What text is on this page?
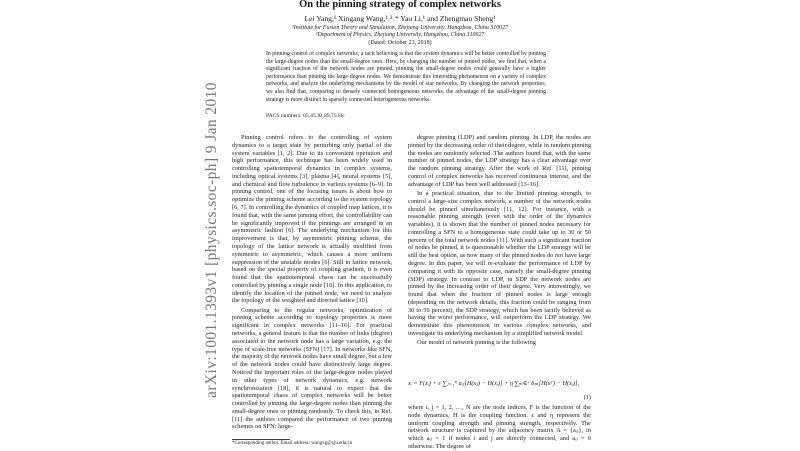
On the pinning strategy of complex networks
Lei Yang,¹ Xingang Wang,¹˒²˒* Yao Li,¹ and Zhengmao Sheng¹
¹Institute for Fusion Theory and Simulation, Zhejiang University, Hangzhou, China 310027
²Department of Physics, Zhejiang University, Hangzhou, China 310027
(Dated: October 23, 2018)
In pinning control of complex networks, a tacit believing is that the system dynamics will be better controlled by pinning the large-degree nodes than the small-degree ones. Here, by changing the number of pinned nodes, we find that, when a significant fraction of the network nodes are pinned, pinning the small-degree nodes could generally have a higher performance than pinning the large-degree nodes. We demonstrate this interesting phenomenon on a variety of complex networks, and analyze the underlying mechanisms by the model of star networks. By changing the network properties, we also find that, comparing to densely connected homogeneous networks, the advantage of the small-degree pinning strategy is more distinct in sparsely connected heterogeneous networks.
PACS numbers: 05.45.Xt,89.75.Hc
arXiv:1001.1393v1 [physics.soc-ph] 9 Jan 2010	Pinning control refers to the controlling of system dynamics to a target state by perturbing only partial of the system variables [1, 2]. Due to its convenient operation and high performance, this technique has been widely used in controlling spatiotemporal dynamics in complex systems, including optical systems [3], plasma [4], neural systems [5], and chemical and flow turbulence in various systems [6–9]. In pinning control, one of the focusing issues is about how to optimize the pinning scheme according to the system topology [6, 7]. In controlling the dynamics of coupled map lattices, it is found that, with the same pinning effort, the controllability can be significantly improved if the pinnings are arranged in an asymmetric fashion [6]. The underlying mechanism for this improvement is that, by asymmetric pinning scheme, the topology of the lattice network is actually modified from symmetric to asymmetric, which causes a more uniform suppression of the unstable modes [6]. Still in lattice network, based on the special property of coupling gradient, it is even found that the spatiotemporal chaos can be successfully controlled by pinning a single node [10]. In this application, to identify the location of the pinned node, we need to analyze the topology of the weighted and directed lattice [10].

Comparing to the regular networks, optimization of pinning scheme according to topology properties is more significant in complex networks [11–16]. For practical networks, a general feature is that the number of links (degree) associated to the network node has a large variation, e.g. the type of scale-free networks (SFN) [17]. In networks like SFN, the majority of the network nodes have small degree, but a few of the network nodes could have distinctively large degree. Noticed the important roles of the large-degree nodes played in other types of network dynamics, e.g. network synchronization [18], it is natural to expect that the spatiotemporal chaos of complex networks will be better controlled by pinning the large-degree nodes than pinning the small-degree ones or pinning randomly. To check this, in Ref. [11] the authors compared the performance of two pinning schemes on SFN: large-

degree pinning (LDP) and random pinning. In LDP, the nodes are pinned by the decreasing order of their degree, while in random pinning the nodes are randomly selected. The authors found that, with the same number of pinned nodes, the LDP strategy has a clear advantage over the random pinning strategy. After the work of Ref. [11], pinning control of complex networks has received continuous interest, and the advantage of LDP has been well addressed [13–16].

In a practical situation, due to the limited pinning strength, to control a large-size complex network, a number of the network nodes should be pinned simultaneously [11, 12]. For instance, with a reasonable pinning strength (even with the order of the dynamics variables), it is shown that the number of pinned nodes necessary for controlling a SFN to a homogeneous state could take up to 30 or 50 percent of the total network nodes [11]. With such a significant fraction of nodes be pinned, it is questionable whether the LDP strategy will be still the best option, as now many of the pinned nodes do not have large degree. In this paper, we will re-evaluate the performance of LDP by comparing it with its opposite case, namely the small-degree pinning (SDP) strategy. In contrast to LDP, in SDP the network nodes are pinned by the increasing order of their degree. Very interestingly, we found that when the fraction of pinned nodes is large enough (depending on the network details, this fraction could be ranging from 30 to 50 percent), the SDP strategy, which has been tacitly believed as having the worst performance, will outperform the LDP strategy. We demonstrate this phenomenon in various complex networks, and investigate its underlying mechanism by a simplified network model.

Our model of network pinning is the following

xᵢ = F(xᵢ) + ε ∑ⱼ₌₁ᴺ aᵢⱼ[H(xⱼ) − H(xᵢ)] + η ∑ₘ∈ᵛ δᵢₘ[H(xᵀ) − H(xᵢ)],
(1)
where i, j = 1, 2, …, N are the node indices, F is the function of the node dynamics, H is the coupling function. ε and η represent the uniform coupling strength and pinning strength, respectively. The network structure is captured by the adjacency matrix A = {aᵢⱼ}, in which aᵢⱼ = 1 if nodes i and j are directly connected, and aᵢⱼ = 0 otherwise. The degree of
*Corresponding author. Email address: wangxg@zju.edu.cn
